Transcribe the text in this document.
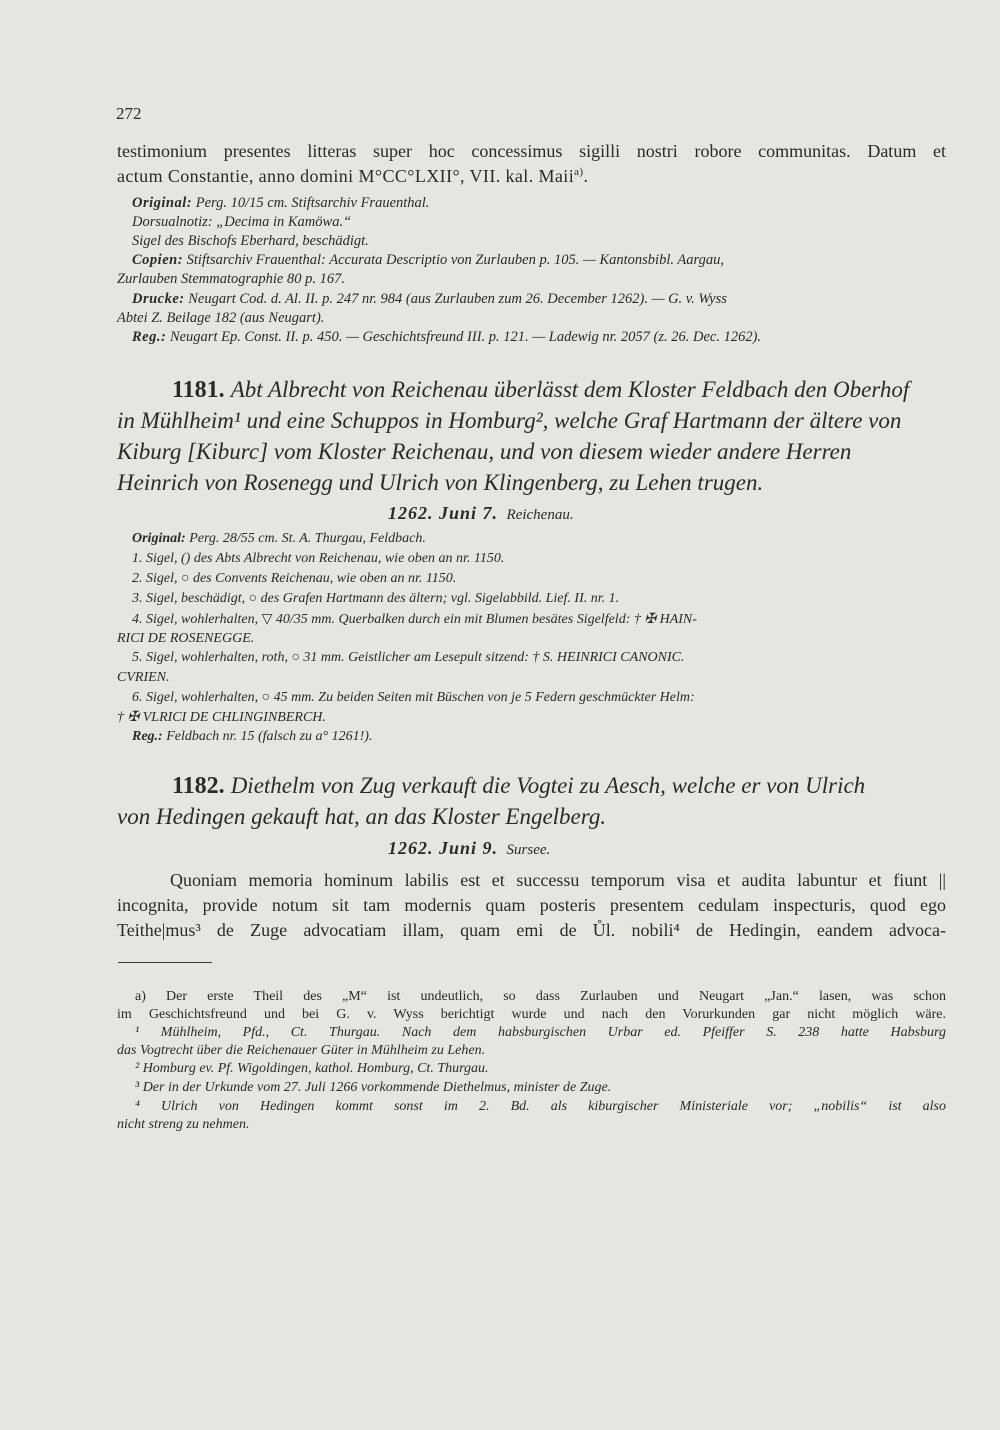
272
testimonium presentes litteras super hoc concessimus sigilli nostri robore communitas. Datum et
actum Constantie, anno domini M°CC°LXII°, VII. kal. Maii$^{a)}$.
Original: Perg. 10/15 cm. Stiftsarchiv Frauenthal.
Dorsualnotiz: „Decima in Kamöwa.“
Sigel des Bischofs Eberhard, beschädigt.
Copien: Stiftsarchiv Frauenthal: Accurata Descriptio von Zurlauben p. 105. — Kantonsbibl. Aargau,
Zurlauben Stemmatographie 80 p. 167.
Drucke: Neugart Cod. d. Al. II. p. 247 nr. 984 (aus Zurlauben zum 26. December 1262). — G. v. Wyss
Abtei Z. Beilage 182 (aus Neugart).
Reg.: Neugart Ep. Const. II. p. 450. — Geschichtsfreund III. p. 121. — Ladewig nr. 2057 (z. 26. Dec. 1262).
1181. Abt Albrecht von Reichenau überlässt dem Kloster Feldbach den Oberhof
in Mühlheim¹ und eine Schuppos in Homburg², welche Graf Hartmann der ältere von
Kiburg [Kiburc] vom Kloster Reichenau, und von diesem wieder andere Herren
Heinrich von Rosenegg und Ulrich von Klingenberg, zu Lehen trugen.
1262. Juni 7. Reichenau.
Original: Perg. 28/55 cm. St. A. Thurgau, Feldbach.
1. Sigel, () des Abts Albrecht von Reichenau, wie oben an nr. 1150.
2. Sigel, ○ des Convents Reichenau, wie oben an nr. 1150.
3. Sigel, beschädigt, ○ des Grafen Hartmann des ältern; vgl. Sigelabbild. Lief. II. nr. 1.
4. Sigel, wohlerhalten, ▽ 40/35 mm. Querbalken durch ein mit Blumen besätes Sigelfeld: † ✠ HAIN-
RICI DE ROSENEGGE.
5. Sigel, wohlerhalten, roth, ○ 31 mm. Geistlicher am Lesepult sitzend: † S. HEINRICI CANONIC.
CVRIEN.
6. Sigel, wohlerhalten, ○ 45 mm. Zu beiden Seiten mit Büschen von je 5 Federn geschmückter Helm:
† ✠ VLRICI DE CHLINGINBERCH.
Reg.: Feldbach nr. 15 (falsch zu a° 1261!).
1182. Diethelm von Zug verkauft die Vogtei zu Aesch, welche er von Ulrich
von Hedingen gekauft hat, an das Kloster Engelberg.
1262. Juni 9. Sursee.
Quoniam memoria hominum labilis est et successu temporum visa et audita labuntur et fiunt ||
incognita, provide notum sit tam modernis quam posteris presentem cedulam inspecturis, quod ego
Teithe|mus³ de Zuge advocatiam illam, quam emi de Ůl. nobili⁴ de Hedingin, eandem advoca-
a) Der erste Theil des „M“ ist undeutlich, so dass Zurlauben und Neugart „Jan.“ lasen, was schon
im Geschichtsfreund und bei G. v. Wyss berichtigt wurde und nach den Vorurkunden gar nicht möglich wäre.
¹ Mühlheim, Pfd., Ct. Thurgau. Nach dem habsburgischen Urbar ed. Pfeiffer S. 238 hatte Habsburg
das Vogtrecht über die Reichenauer Güter in Mühlheim zu Lehen.
² Homburg ev. Pf. Wigoldingen, kathol. Homburg, Ct. Thurgau.
³ Der in der Urkunde vom 27. Juli 1266 vorkommende Diethelmus, minister de Zuge.
⁴ Ulrich von Hedingen kommt sonst im 2. Bd. als kiburgischer Ministeriale vor; „nobilis“ ist also
nicht streng zu nehmen.
